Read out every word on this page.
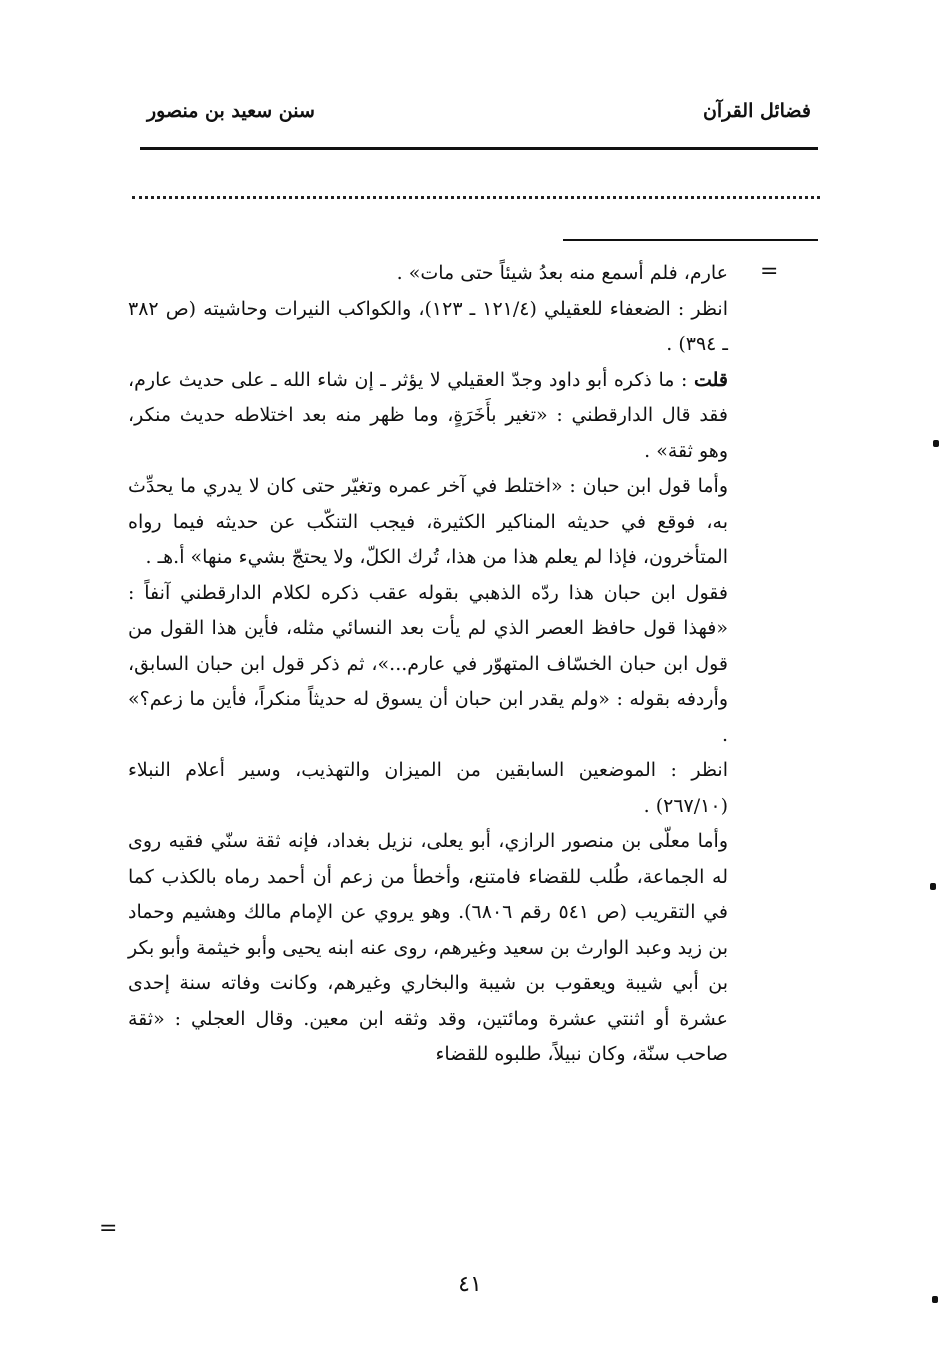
فضائل القرآن
سنن سعيد بن منصور
=

عارم، فلم أسمع منه بعدُ شيئاً حتى مات» .

انظر : الضعفاء للعقيلي (١٢١/٤ ـ ١٢٣)، والكواكب النيرات وحاشيته (ص ٣٨٢ ـ ٣٩٤) .

قلت : ما ذكره أبو داود وجدّ العقيلي لا يؤثر ـ إن شاء الله ـ على حديث عارم، فقد قال الدارقطني : «تغير بأَخَرَةٍ، وما ظهر منه بعد اختلاطه حديث منكر، وهو ثقة» .

وأما قول ابن حبان : «اختلط في آخر عمره وتغيّر حتى كان لا يدري ما يحدِّث به، فوقع في حديثه المناكير الكثيرة، فيجب التنكّب عن حديثه فيما رواه المتأخرون، فإذا لم يعلم هذا من هذا، تُرك الكلّ، ولا يحتجّ بشيء منها» أ.هـ .

فقول ابن حبان هذا ردّه الذهبي بقوله عقب ذكره لكلام الدارقطني آنفاً : «فهذا قول حافظ العصر الذي لم يأت بعد النسائي مثله، فأين هذا القول من قول ابن حبان الخسّاف المتهوّر في عارم...»، ثم ذكر قول ابن حبان السابق، وأردفه بقوله : «ولم يقدر ابن حبان أن يسوق له حديثاً منكراً، فأين ما زعم؟» .

انظر : الموضعين السابقين من الميزان والتهذيب، وسير أعلام النبلاء (٢٦٧/١٠) .

وأما معلّى بن منصور الرازي، أبو يعلى، نزيل بغداد، فإنه ثقة سنّي فقيه روى له الجماعة، طُلب للقضاء فامتنع، وأخطأ من زعم أن أحمد رماه بالكذب كما في التقريب (ص ٥٤١ رقم ٦٨٠٦). وهو يروي عن الإمام مالك وهشيم وحماد بن زيد وعبد الوارث بن سعيد وغيرهم، روى عنه ابنه يحيى وأبو خيثمة وأبو بكر بن أبي شيبة ويعقوب بن شيبة والبخاري وغيرهم، وكانت وفاته سنة إحدى عشرة أو اثنتي عشرة ومائتين، وقد وثقه ابن معين. وقال العجلي : «ثقة صاحب سنّة، وكان نبيلاً، طلبوه للقضاء

=
٤١
